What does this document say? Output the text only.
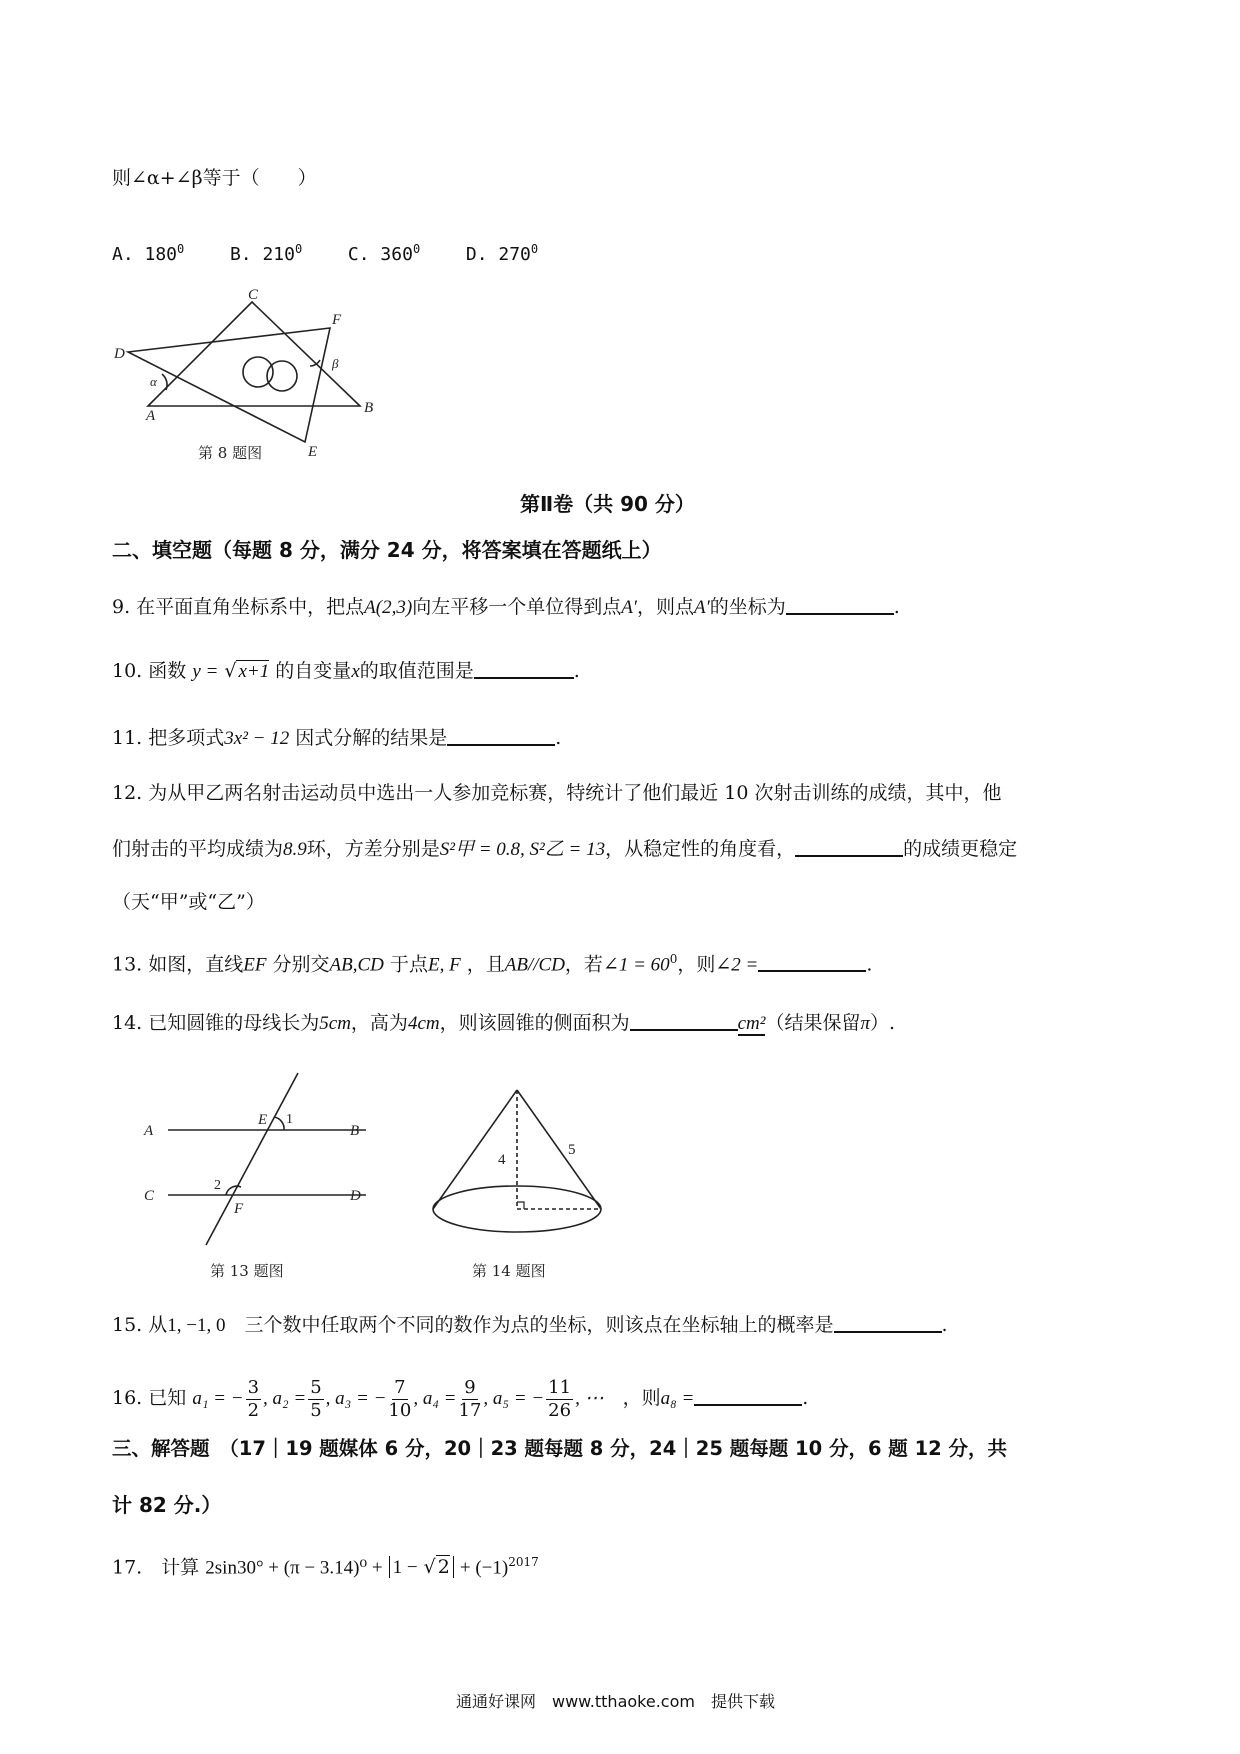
则∠α+∠β等于（　　）
A. $180^0$	B. $210^0$	C. $360^0$	D. $270^0$
C
D
F
A	B
E
α
β
第 8 题图
第Ⅱ卷（共 90 分）
二、填空题（每题 8 分，满分 24 分，将答案填在答题纸上）
9. 在平面直角坐标系中，把点A(2,3)向左平移一个单位得到点A′，则点A′的坐标为	.
10. 函数 y = √ x+1 的自变量x的取值范围是	.
11. 把多项式3x² − 12 因式分解的结果是	.
12. 为从甲乙两名射击运动员中选出一人参加竞标赛，特统计了他们最近 10 次射击训练的成绩，其中，他
们射击的平均成绩为8.9环，方差分别是S²甲 = 0.8, S²乙 = 13，从稳定性的角度看，	的成绩更稳定
（天“甲”或“乙”）
13. 如图，直线EF 分别交AB,CD 于点E, F ，且AB//CD，若∠1 = $60^0$，则∠2 =	.
14. 已知圆锥的母线长为5cm，高为4cm，则该圆锥的侧面积为	cm²（结果保留π）.
A	B
C	D
E
F
1
2
第 13 题图
4
5
第 14 题图
15. 从1, −1, 0　 三个数中任取两个不同的数作为点的坐标，则该点在坐标轴上的概率是	.
16. 已知 a₁ = − $\frac{3}{2}$ , $a_2 = \frac{5}{5}$ , a₃ = − $\frac{7}{10}$ , $a_4 = \frac{9}{17}$ , a₅ = − $\frac{11}{26}$ , ⋯　 ，则a₈ =	.
三、解答题　（17｜19 题媒体 6 分，20｜23 题每题 8 分，24｜25 题每题 10 分，6 题 12 分，共
计 82 分.）
17.　计算 2sin30° + (π − 3.14)⁰ + 1 − √ $2 + (-1)^{2017}$
通通好课网　www.tthaoke.com　提供下载
